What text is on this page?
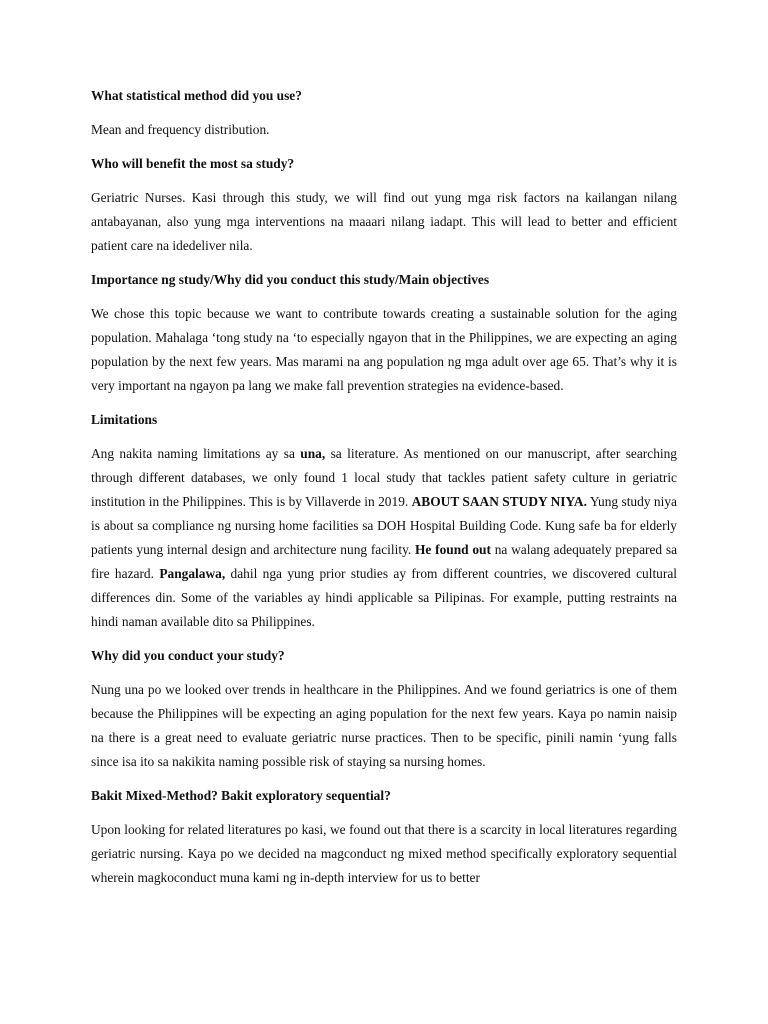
What statistical method did you use?

Mean and frequency distribution.

Who will benefit the most sa study?

Geriatric Nurses. Kasi through this study, we will find out yung mga risk factors na kailangan nilang antabayanan, also yung mga interventions na maaari nilang iadapt. This will lead to better and efficient patient care na idedeliver nila.

Importance ng study/Why did you conduct this study/Main objectives

We chose this topic because we want to contribute towards creating a sustainable solution for the aging population. Mahalaga ‘tong study na ‘to especially ngayon that in the Philippines, we are expecting an aging population by the next few years. Mas marami na ang population ng mga adult over age 65. That’s why it is very important na ngayon pa lang we make fall prevention strategies na evidence-based.

Limitations

Ang nakita naming limitations ay sa una, sa literature. As mentioned on our manuscript, after searching through different databases, we only found 1 local study that tackles patient safety culture in geriatric institution in the Philippines. This is by Villaverde in 2019. ABOUT SAAN STUDY NIYA. Yung study niya is about sa compliance ng nursing home facilities sa DOH Hospital Building Code. Kung safe ba for elderly patients yung internal design and architecture nung facility. He found out na walang adequately prepared sa fire hazard. Pangalawa, dahil nga yung prior studies ay from different countries, we discovered cultural differences din. Some of the variables ay hindi applicable sa Pilipinas. For example, putting restraints na hindi naman available dito sa Philippines.

Why did you conduct your study?

Nung una po we looked over trends in healthcare in the Philippines. And we found geriatrics is one of them because the Philippines will be expecting an aging population for the next few years. Kaya po namin naisip na there is a great need to evaluate geriatric nurse practices. Then to be specific, pinili namin ‘yung falls since isa ito sa nakikita naming possible risk of staying sa nursing homes.

Bakit Mixed-Method? Bakit exploratory sequential?

Upon looking for related literatures po kasi, we found out that there is a scarcity in local literatures regarding geriatric nursing. Kaya po we decided na magconduct ng mixed method specifically exploratory sequential wherein magkoconduct muna kami ng in-depth interview for us to better
